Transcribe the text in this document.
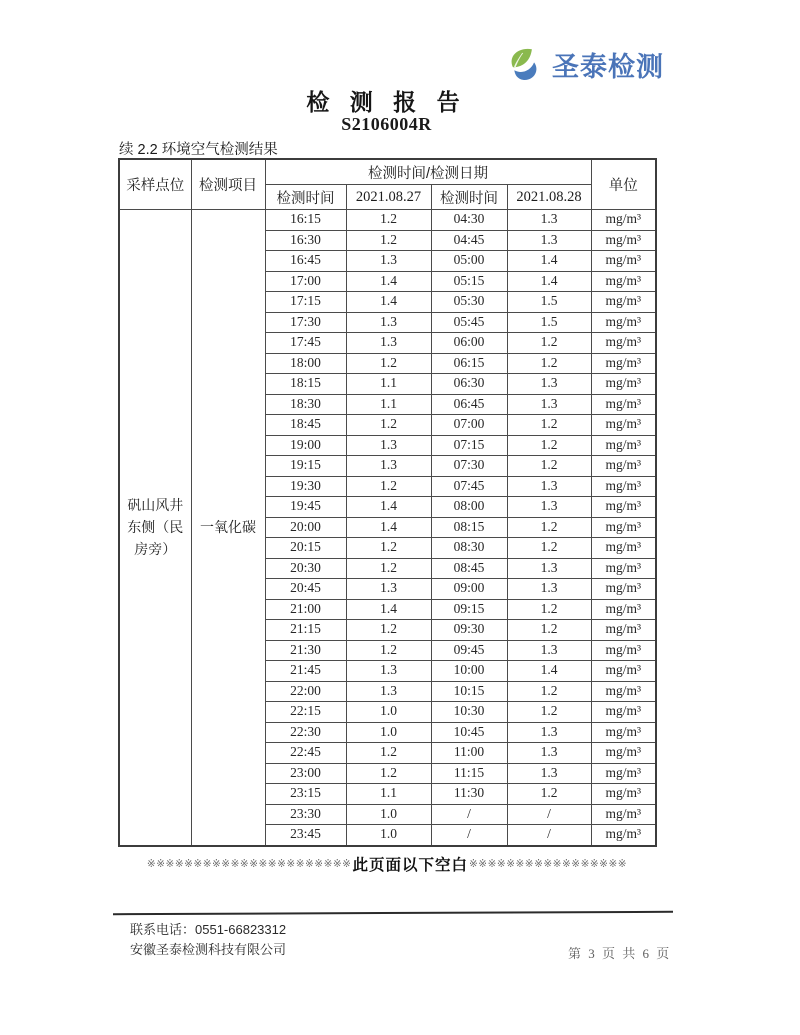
圣泰检测
检 测 报 告
S2106004R
续 2.2 环境空气检测结果
采样点位	检测项目	检测时间/检测日期				单位
		检测时间	2021.08.27	检测时间	2021.08.28	
矾山风井东侧（民房旁）	一氧化碳	16:15	1.2	04:30	1.3	mg/m³
		16:30	1.2	04:45	1.3	mg/m³
		16:45	1.3	05:00	1.4	mg/m³
		17:00	1.4	05:15	1.4	mg/m³
		17:15	1.4	05:30	1.5	mg/m³
		17:30	1.3	05:45	1.5	mg/m³
		17:45	1.3	06:00	1.2	mg/m³
		18:00	1.2	06:15	1.2	mg/m³
		18:15	1.1	06:30	1.3	mg/m³
		18:30	1.1	06:45	1.3	mg/m³
		18:45	1.2	07:00	1.2	mg/m³
		19:00	1.3	07:15	1.2	mg/m³
		19:15	1.3	07:30	1.2	mg/m³
		19:30	1.2	07:45	1.3	mg/m³
		19:45	1.4	08:00	1.3	mg/m³
		20:00	1.4	08:15	1.2	mg/m³
		20:15	1.2	08:30	1.2	mg/m³
		20:30	1.2	08:45	1.3	mg/m³
		20:45	1.3	09:00	1.3	mg/m³
		21:00	1.4	09:15	1.2	mg/m³
		21:15	1.2	09:30	1.2	mg/m³
		21:30	1.2	09:45	1.3	mg/m³
		21:45	1.3	10:00	1.4	mg/m³
		22:00	1.3	10:15	1.2	mg/m³
		22:15	1.0	10:30	1.2	mg/m³
		22:30	1.0	10:45	1.3	mg/m³
		22:45	1.2	11:00	1.3	mg/m³
		23:00	1.2	11:15	1.3	mg/m³
		23:15	1.1	11:30	1.2	mg/m³
		23:30	1.0	/	/	mg/m³
		23:45	1.0	/	/	mg/m³
※※※※※※※※※※※※※※※※※※※※※※ 此页面以下空白 ※※※※※※※※※※※※※※※※※
联系电话：0551-66823312
安徽圣泰检测科技有限公司	第 3 页 共 6 页
